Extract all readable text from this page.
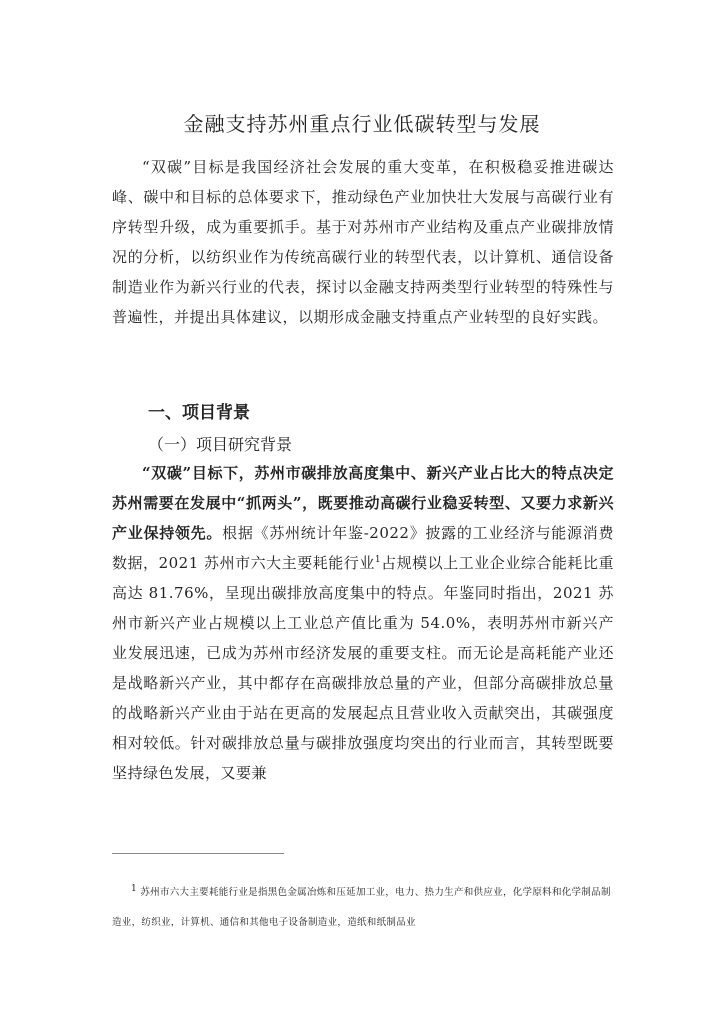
金融支持苏州重点行业低碳转型与发展

“双碳”目标是我国经济社会发展的重大变革，在积极稳妥推进碳达峰、碳中和目标的总体要求下，推动绿色产业加快壮大发展与高碳行业有序转型升级，成为重要抓手。基于对苏州市产业结构及重点产业碳排放情况的分析，以纺织业作为传统高碳行业的转型代表，以计算机、通信设备制造业作为新兴行业的代表，探讨以金融支持两类型行业转型的特殊性与普遍性，并提出具体建议，以期形成金融支持重点产业转型的良好实践。

一、项目背景
（一）项目研究背景

“双碳”目标下，苏州市碳排放高度集中、新兴产业占比大的特点决定苏州需要在发展中“抓两头”，既要推动高碳行业稳妥转型、又要力求新兴产业保持领先。根据《苏州统计年鉴-2022》披露的工业经济与能源消费数据，2021 苏州市六大主要耗能行业$^1$占规模以上工业企业综合能耗比重高达 81.76%，呈现出碳排放高度集中的特点。年鉴同时指出，2021 苏州市新兴产业占规模以上工业总产值比重为 54.0%，表明苏州市新兴产业发展迅速，已成为苏州市经济发展的重要支柱。而无论是高耗能产业还是战略新兴产业，其中都存在高碳排放总量的产业，但部分高碳排放总量的战略新兴产业由于站在更高的发展起点且营业收入贡献突出，其碳强度相对较低。针对碳排放总量与碳排放强度均突出的行业而言，其转型既要坚持绿色发展，又要兼

$^1$ 苏州市六大主要耗能行业是指黑色金属冶炼和压延加工业，电力、热力生产和供应业，化学原料和化学制品制造业，纺织业，计算机、通信和其他电子设备制造业，造纸和纸制品业
